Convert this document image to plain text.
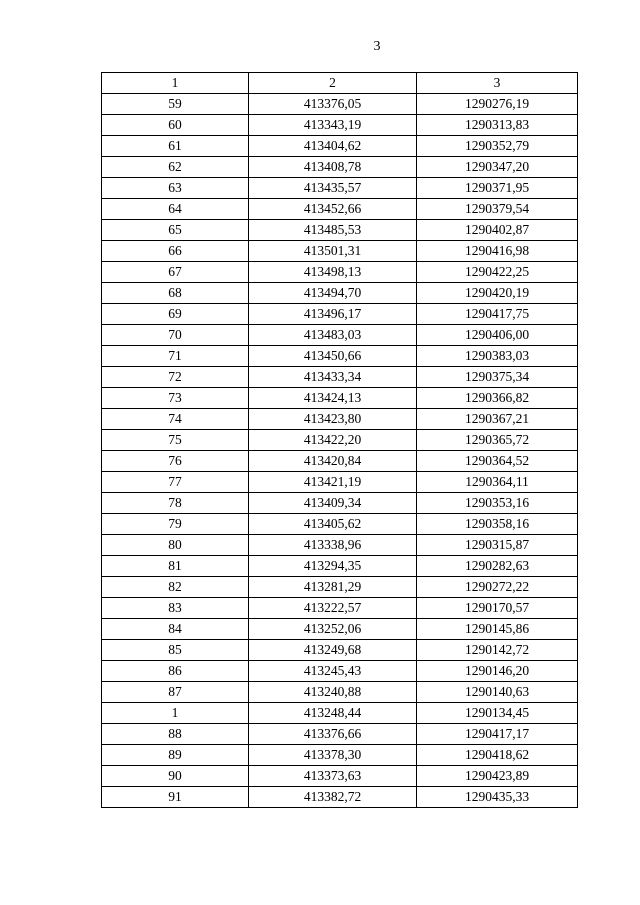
3
1	2	3
59	413376,05	1290276,19
60	413343,19	1290313,83
61	413404,62	1290352,79
62	413408,78	1290347,20
63	413435,57	1290371,95
64	413452,66	1290379,54
65	413485,53	1290402,87
66	413501,31	1290416,98
67	413498,13	1290422,25
68	413494,70	1290420,19
69	413496,17	1290417,75
70	413483,03	1290406,00
71	413450,66	1290383,03
72	413433,34	1290375,34
73	413424,13	1290366,82
74	413423,80	1290367,21
75	413422,20	1290365,72
76	413420,84	1290364,52
77	413421,19	1290364,11
78	413409,34	1290353,16
79	413405,62	1290358,16
80	413338,96	1290315,87
81	413294,35	1290282,63
82	413281,29	1290272,22
83	413222,57	1290170,57
84	413252,06	1290145,86
85	413249,68	1290142,72
86	413245,43	1290146,20
87	413240,88	1290140,63
1	413248,44	1290134,45
88	413376,66	1290417,17
89	413378,30	1290418,62
90	413373,63	1290423,89
91	413382,72	1290435,33
